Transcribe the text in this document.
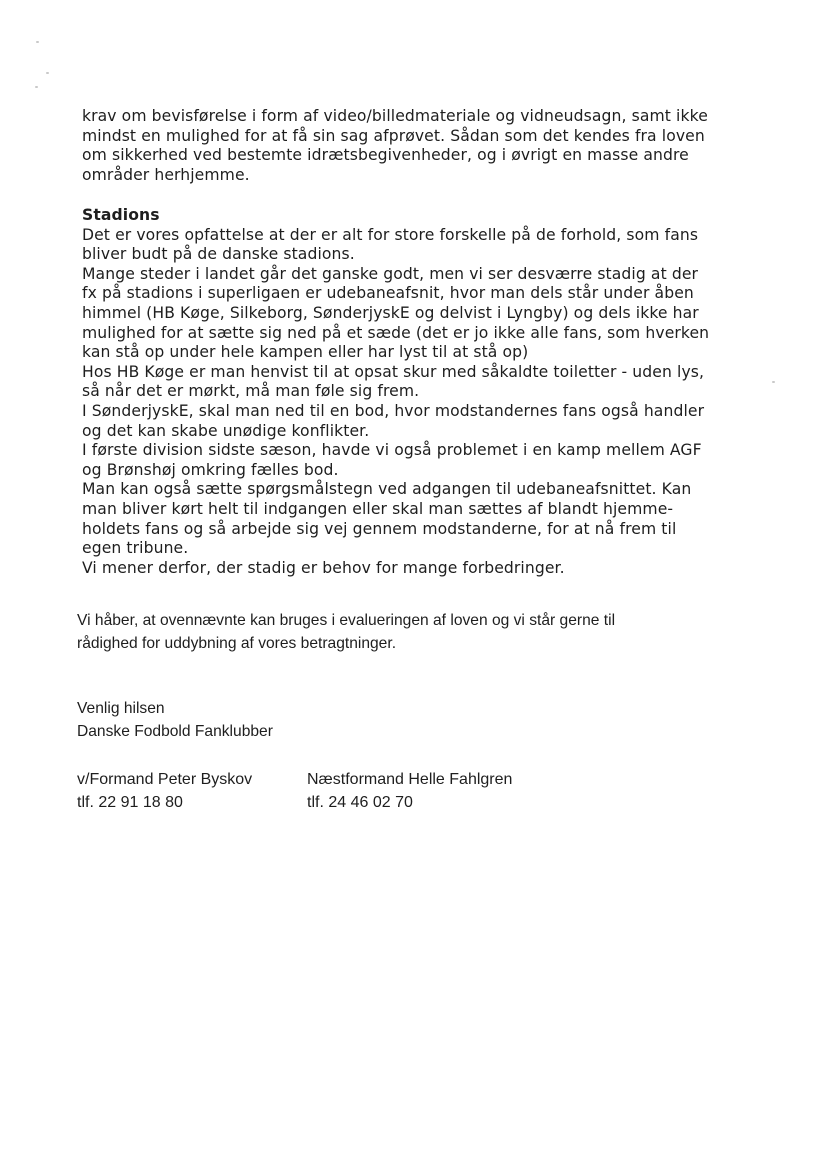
krav om bevisførelse i form af video/billedmateriale og vidneudsagn, samt ikke
mindst en mulighed for at få sin sag afprøvet. Sådan som det kendes fra loven
om sikkerhed ved bestemte idrætsbegivenheder, og i øvrigt en masse andre
områder herhjemme.
Stadions
Det er vores opfattelse at der er alt for store forskelle på de forhold, som fans
bliver budt på de danske stadions.
Mange steder i landet går det ganske godt, men vi ser desværre stadig at der
fx på stadions i superligaen er udebaneafsnit, hvor man dels står under åben
himmel (HB Køge, Silkeborg, SønderjyskE og delvist i Lyngby) og dels ikke har
mulighed for at sætte sig ned på et sæde (det er jo ikke alle fans, som hverken
kan stå op under hele kampen eller har lyst til at stå op)
Hos HB Køge er man henvist til at opsat skur med såkaldte toiletter - uden lys,
så når det er mørkt, må man føle sig frem.
I SønderjyskE, skal man ned til en bod, hvor modstandernes fans også handler
og det kan skabe unødige konflikter.
I første division sidste sæson, havde vi også problemet i en kamp mellem AGF
og Brønshøj omkring fælles bod.
Man kan også sætte spørgsmålstegn ved adgangen til udebaneafsnittet. Kan
man bliver kørt helt til indgangen eller skal man sættes af blandt hjemme-
holdets fans og så arbejde sig vej gennem modstanderne, for at nå frem til
egen tribune.
Vi mener derfor, der stadig er behov for mange forbedringer.
Vi håber, at ovennævnte kan bruges i evalueringen af loven og vi står gerne til
rådighed for uddybning af vores betragtninger.
Venlig hilsen
Danske Fodbold Fanklubber
v/Formand Peter Byskov
tlf. 22 91 18 80
Næstformand Helle Fahlgren
tlf. 24 46 02 70
